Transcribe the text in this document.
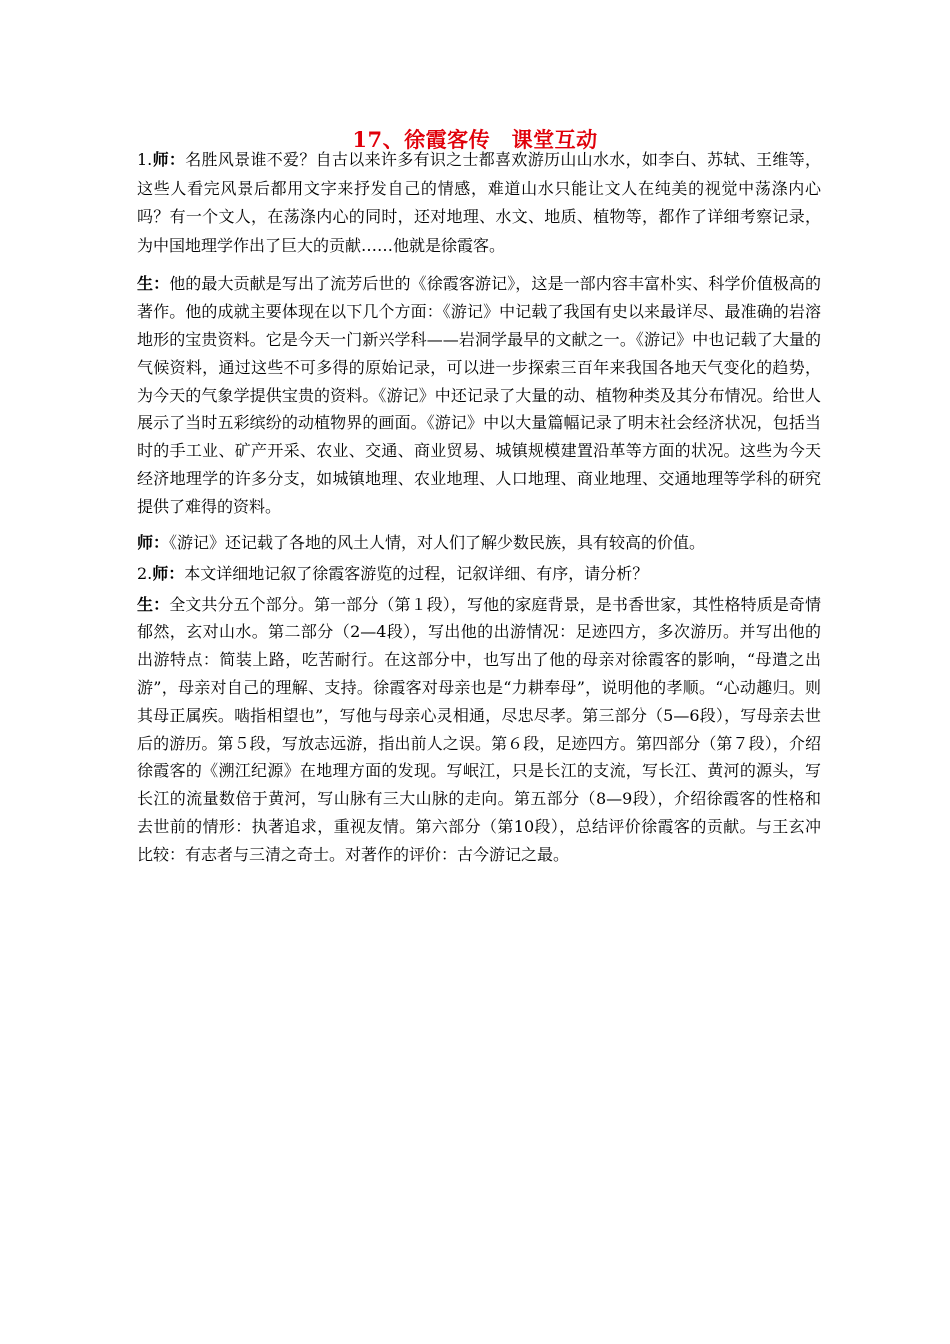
17、徐霞客传　课堂互动

1.师：名胜风景谁不爱？自古以来许多有识之士都喜欢游历山山水水，如李白、苏轼、王维等，这些人看完风景后都用文字来抒发自己的情感，难道山水只能让文人在纯美的视觉中荡涤内心吗？有一个文人，在荡涤内心的同时，还对地理、水文、地质、植物等，都作了详细考察记录，为中国地理学作出了巨大的贡献……他就是徐霞客。

生：他的最大贡献是写出了流芳后世的《徐霞客游记》，这是一部内容丰富朴实、科学价值极高的著作。他的成就主要体现在以下几个方面：《游记》中记载了我国有史以来最详尽、最准确的岩溶地形的宝贵资料。它是今天一门新兴学科——岩洞学最早的文献之一。《游记》中也记载了大量的气候资料，通过这些不可多得的原始记录，可以进一步探索三百年来我国各地天气变化的趋势，为今天的气象学提供宝贵的资料。《游记》中还记录了大量的动、植物种类及其分布情况。给世人展示了当时五彩缤纷的动植物界的画面。《游记》中以大量篇幅记录了明末社会经济状况，包括当时的手工业、矿产开采、农业、交通、商业贸易、城镇规模建置沿革等方面的状况。这些为今天经济地理学的许多分支，如城镇地理、农业地理、人口地理、商业地理、交通地理等学科的研究提供了难得的资料。

师：《游记》还记载了各地的风土人情，对人们了解少数民族，具有较高的价值。

2.师：本文详细地记叙了徐霞客游览的过程，记叙详细、有序，请分析？

生：全文共分五个部分。第一部分（第１段），写他的家庭背景，是书香世家，其性格特质是奇情郁然，玄对山水。第二部分（2—4段），写出他的出游情况：足迹四方，多次游历。并写出他的出游特点：简装上路，吃苦耐行。在这部分中，也写出了他的母亲对徐霞客的影响，“母遣之出游”，母亲对自己的理解、支持。徐霞客对母亲也是“力耕奉母”，说明他的孝顺。“心动趣归。则其母正属疾。啮指相望也”，写他与母亲心灵相通，尽忠尽孝。第三部分（5—6段），写母亲去世后的游历。第５段，写放志远游，指出前人之误。第６段，足迹四方。第四部分（第７段），介绍徐霞客的《溯江纪源》在地理方面的发现。写岷江，只是长江的支流，写长江、黄河的源头，写长江的流量数倍于黄河，写山脉有三大山脉的走向。第五部分（8—9段），介绍徐霞客的性格和去世前的情形：执著追求，重视友情。第六部分（第10段），总结评价徐霞客的贡献。与王玄冲比较：有志者与三清之奇士。对著作的评价：古今游记之最。
